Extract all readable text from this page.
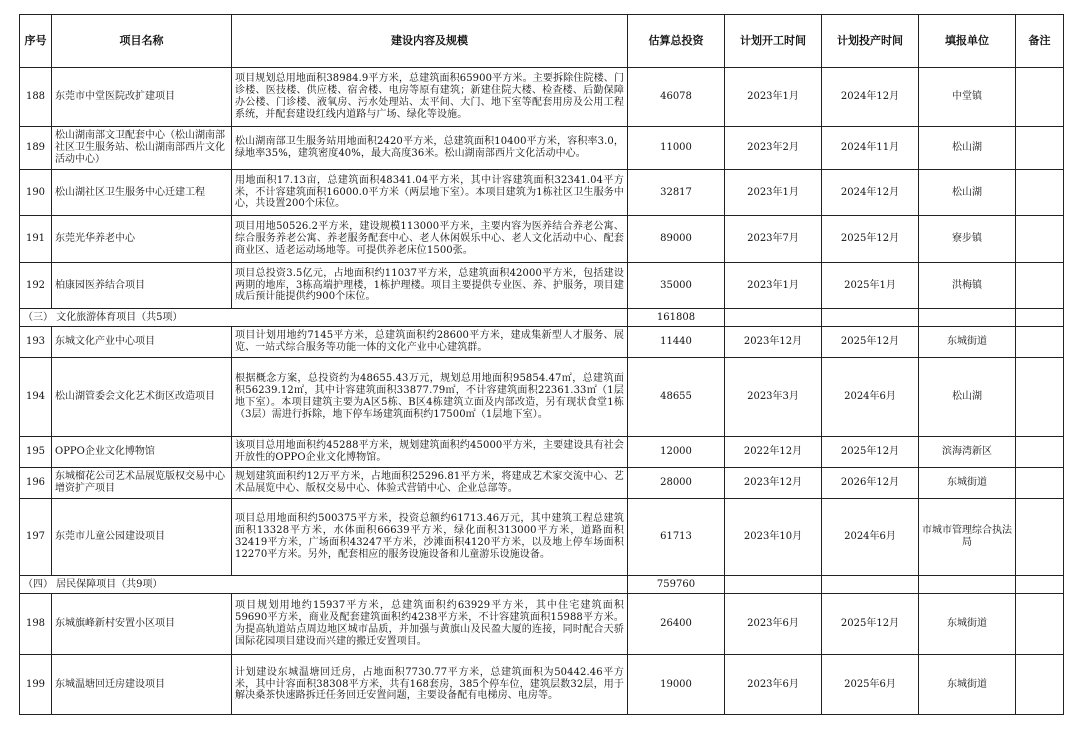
序号	项目名称	建设内容及规模	估算总投资	计划开工时间	计划投产时间	填报单位	备注
188	东莞市中堂医院改扩建项目	项目规划总用地面积38984.9平方米，总建筑面积65900平方米。主要拆除住院楼、门诊楼、医技楼、供应楼、宿舍楼、电房等原有建筑；新建住院大楼、检查楼、后勤保障办公楼、门诊楼、液氧房、污水处理站、太平间、大门、地下室等配套用房及公用工程系统，并配套建设红线内道路与广场、绿化等设施。	46078	2023年1月	2024年12月	中堂镇	
189	松山湖南部文卫配套中心（松山湖南部社区卫生服务站、松山湖南部西片文化活动中心）	松山湖南部卫生服务站用地面积2420平方米，总建筑面积10400平方米，容积率3.0，绿地率35%，建筑密度40%，最大高度36米。松山湖南部西片文化活动中心。	11000	2023年2月	2024年11月	松山湖	
190	松山湖社区卫生服务中心迁建工程	用地面积17.13亩，总建筑面积48341.04平方米，其中计容建筑面积32341.04平方米，不计容建筑面积16000.0平方米（两层地下室）。本项目建筑为1栋社区卫生服务中心，共设置200个床位。	32817	2023年1月	2024年12月	松山湖	
191	东莞光华养老中心	项目用地50526.2平方米，建设规模113000平方米，主要内容为医养结合养老公寓、综合服务养老公寓、养老服务配套中心、老人休闲娱乐中心、老人文化活动中心、配套商业区、适老运动场地等。可提供养老床位1500张。	89000	2023年7月	2025年12月	寮步镇	
192	柏康园医养结合项目	项目总投资3.5亿元，占地面积约11037平方米，总建筑面积42000平方米，包括建设两期的地库，3栋高端护理楼，1栋护理楼。项目主要提供专业医、养、护服务，项目建成后预计能提供约900个床位。	35000	2023年1月	2025年1月	洪梅镇	
（三） 文化旅游体育项目（共5项）			161808				
193	东城文化产业中心项目	项目计划用地约7145平方米，总建筑面积约28600平方米，建成集新型人才服务、展览、一站式综合服务等功能一体的文化产业中心建筑群。	11440	2023年12月	2025年12月	东城街道	
194	松山湖管委会文化艺术街区改造项目	根据概念方案，总投资约为48655.43万元，规划总用地面积95854.47㎡，总建筑面积56239.12㎡，其中计容建筑面积33877.79㎡，不计容建筑面积22361.33㎡（1层地下室）。本项目建筑主要为A区5栋、B区4栋建筑立面及内部改造，另有现状食堂1栋（3层）需进行拆除，地下停车场建筑面积约17500㎡（1层地下室）。	48655	2023年3月	2024年6月	松山湖	
195	OPPO企业文化博物馆	该项目总用地面积约45288平方米，规划建筑面积约45000平方米，主要建设具有社会开放性的OPPO企业文化博物馆。	12000	2022年12月	2025年12月	滨海湾新区	
196	东城榴花公司艺术品展览版权交易中心增资扩产项目	规划建筑面积约12万平方米，占地面积25296.81平方米，将建成艺术家交流中心、艺术品展览中心、版权交易中心、体验式营销中心、企业总部等。	28000	2023年12月	2026年12月	东城街道	
197	东莞市儿童公园建设项目	项目总用地面积约500375平方米，投资总额约61713.46万元，其中建筑工程总建筑面积13328平方米，水体面积66639平方米，绿化面积313000平方米，道路面积32419平方米，广场面积43247平方米，沙滩面积4120平方米，以及地上停车场面积12270平方米。另外，配套相应的服务设施设备和儿童游乐设施设备。	61713	2023年10月	2024年6月	市城市管理综合执法局	
（四） 居民保障项目（共9项）			759760				
198	东城旗峰新村安置小区项目	项目规划用地约15937平方米，总建筑面积约63929平方米，其中住宅建筑面积59690平方米，商业及配套建筑面积约4238平方米，不计容建筑面积15988平方米。为提高轨道站点周边地区城市品质，并加强与黄旗山及民盈大厦的连接，同时配合天骄国际花园项目建设而兴建的搬迁安置项目。	26400	2023年6月	2025年12月	东城街道	
199	东城温塘回迁房建设项目	计划建设东城温塘回迁房，占地面积7730.77平方米，总建筑面积为50442.46平方米，其中计容面积38308平方米，共有168套房，385个停车位，建筑层数32层，用于解决桑茶快速路拆迁任务回迁安置问题，主要设备配有电梯房、电房等。	19000	2023年6月	2025年6月	东城街道	
